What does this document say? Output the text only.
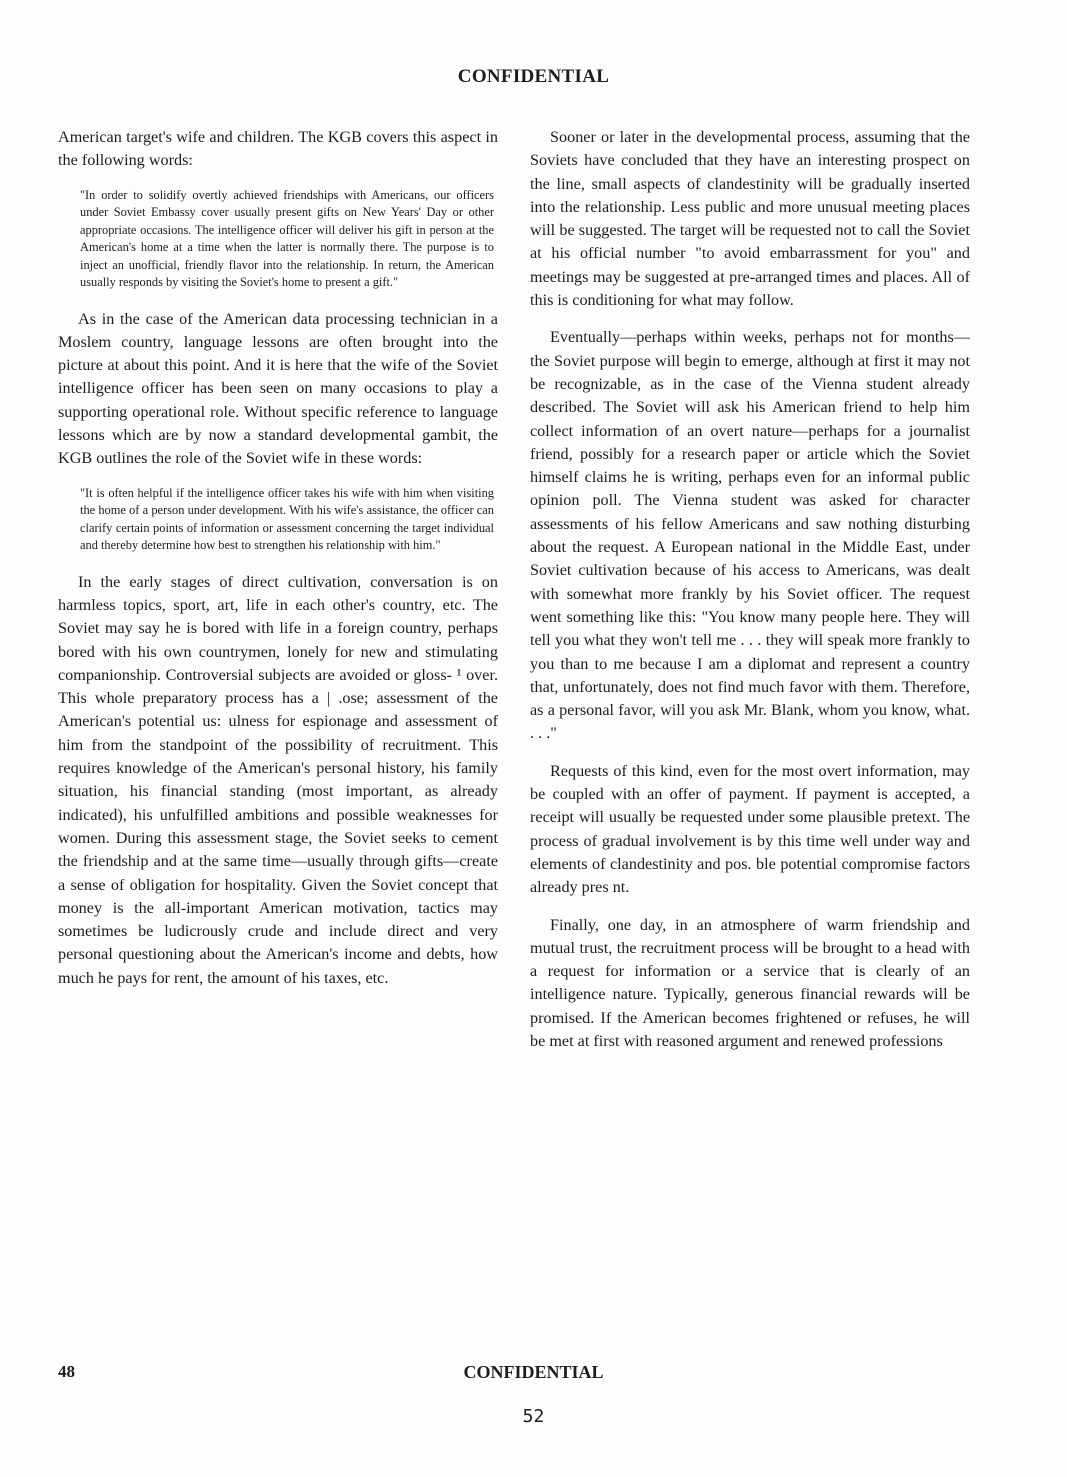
CONFIDENTIAL

American target's wife and children. The KGB covers this aspect in the following words:

"In order to solidify overtly achieved friendships with Americans, our officers under Soviet Embassy cover usually present gifts on New Years' Day or other appropriate occasions. The intelligence officer will deliver his gift in person at the American's home at a time when the latter is normally there. The purpose is to inject an unofficial, friendly flavor into the relationship. In return, the American usually responds by visiting the Soviet's home to present a gift."

As in the case of the American data processing technician in a Moslem country, language lessons are often brought into the picture at about this point. And it is here that the wife of the Soviet intelligence officer has been seen on many occasions to play a supporting operational role. Without specific reference to language lessons which are by now a standard developmental gambit, the KGB outlines the role of the Soviet wife in these words:

"It is often helpful if the intelligence officer takes his wife with him when visiting the home of a person under development. With his wife's assistance, the officer can clarify certain points of information or assessment concerning the target individual and thereby determine how best to strengthen his relationship with him."

In the early stages of direct cultivation, conversation is on harmless topics, sport, art, life in each other's country, etc. The Soviet may say he is bored with life in a foreign country, perhaps bored with his own countrymen, lonely for new and stimulating companionship. Controversial subjects are avoided or gloss- ¹ over. This whole preparatory process has a | .ose; assessment of the American's potential us: ulness for espionage and assessment of him from the standpoint of the possibility of recruitment. This requires knowledge of the American's personal history, his family situation, his financial standing (most important, as already indicated), his unfulfilled ambitions and possible weaknesses for women. During this assessment stage, the Soviet seeks to cement the friendship and at the same time—usually through gifts—create a sense of obligation for hospitality. Given the Soviet concept that money is the all-important American motivation, tactics may sometimes be ludicrously crude and include direct and very personal questioning about the American's income and debts, how much he pays for rent, the amount of his taxes, etc.

Sooner or later in the developmental process, assuming that the Soviets have concluded that they have an interesting prospect on the line, small aspects of clandestinity will be gradually inserted into the relationship. Less public and more unusual meeting places will be suggested. The target will be requested not to call the Soviet at his official number "to avoid embarrassment for you" and meetings may be suggested at pre-arranged times and places. All of this is conditioning for what may follow.

Eventually—perhaps within weeks, perhaps not for months—the Soviet purpose will begin to emerge, although at first it may not be recognizable, as in the case of the Vienna student already described. The Soviet will ask his American friend to help him collect information of an overt nature—perhaps for a journalist friend, possibly for a research paper or article which the Soviet himself claims he is writing, perhaps even for an informal public opinion poll. The Vienna student was asked for character assessments of his fellow Americans and saw nothing disturbing about the request. A European national in the Middle East, under Soviet cultivation because of his access to Americans, was dealt with somewhat more frankly by his Soviet officer. The request went something like this: "You know many people here. They will tell you what they won't tell me . . . they will speak more frankly to you than to me because I am a diplomat and represent a country that, unfortunately, does not find much favor with them. Therefore, as a personal favor, will you ask Mr. Blank, whom you know, what. . . ."

Requests of this kind, even for the most overt information, may be coupled with an offer of payment. If payment is accepted, a receipt will usually be requested under some plausible pretext. The process of gradual involvement is by this time well under way and elements of clandestinity and pos. ble potential compromise factors already pres nt.

Finally, one day, in an atmosphere of warm friendship and mutual trust, the recruitment process will be brought to a head with a request for information or a service that is clearly of an intelligence nature. Typically, generous financial rewards will be promised. If the American becomes frightened or refuses, he will be met at first with reasoned argument and renewed professions

48	CONFIDENTIAL
52
